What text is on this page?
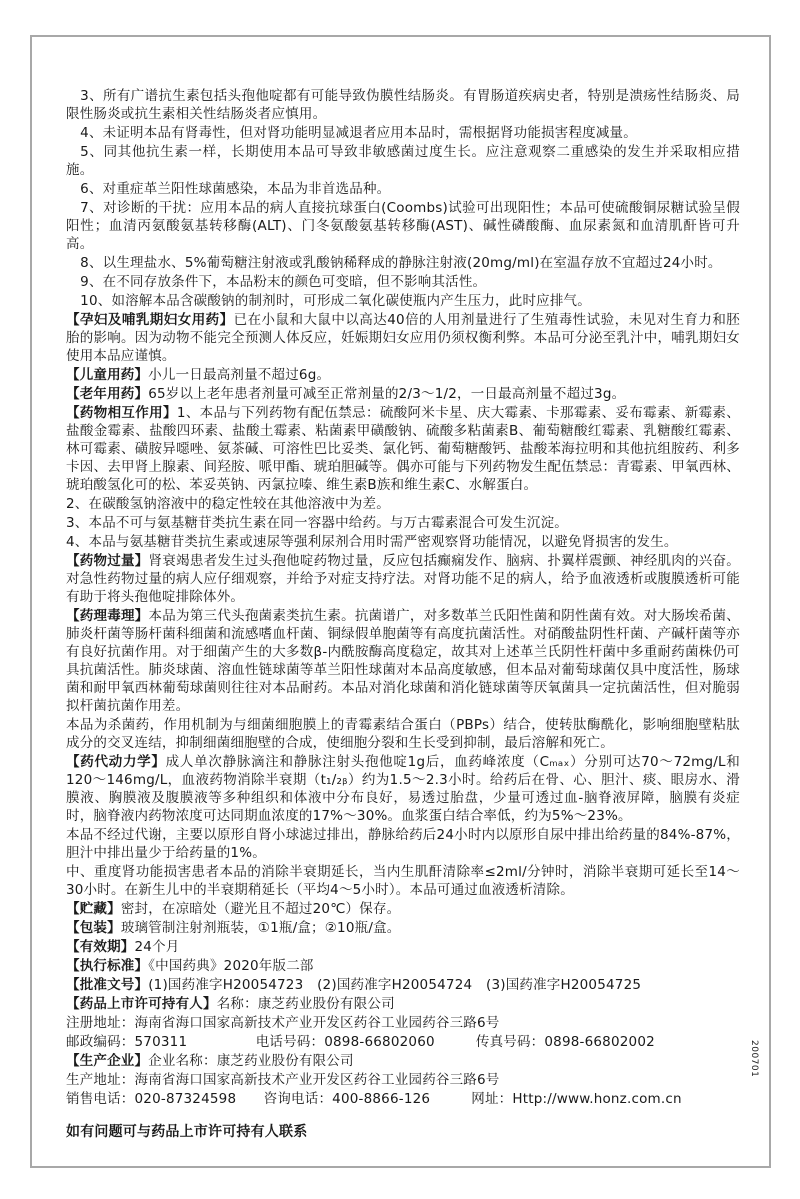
3、所有广谱抗生素包括头孢他啶都有可能导致伪膜性结肠炎。有胃肠道疾病史者，特别是溃疡性结肠炎、局限性肠炎或抗生素相关性结肠炎者应慎用。

4、未证明本品有肾毒性，但对肾功能明显减退者应用本品时，需根据肾功能损害程度减量。

5、同其他抗生素一样，长期使用本品可导致非敏感菌过度生长。应注意观察二重感染的发生并采取相应措施。

6、对重症革兰阳性球菌感染，本品为非首选品种。

7、对诊断的干扰：应用本品的病人直接抗球蛋白(Coombs)试验可出现阳性；本品可使硫酸铜尿糖试验呈假阳性；血清丙氨酸氨基转移酶(ALT)、门冬氨酸氨基转移酶(AST)、碱性磷酸酶、血尿素氮和血清肌酐皆可升高。

8、以生理盐水、5%葡萄糖注射液或乳酸钠稀释成的静脉注射液(20mg/ml)在室温存放不宜超过24小时。

9、在不同存放条件下，本品粉末的颜色可变暗，但不影响其活性。

10、如溶解本品含碳酸钠的制剂时，可形成二氧化碳使瓶内产生压力，此时应排气。

【孕妇及哺乳期妇女用药】已在小鼠和大鼠中以高达40倍的人用剂量进行了生殖毒性试验，未见对生育力和胚胎的影响。因为动物不能完全预测人体反应，妊娠期妇女应用仍须权衡利弊。本品可分泌至乳汁中，哺乳期妇女使用本品应谨慎。

【儿童用药】小儿一日最高剂量不超过6g。

【老年用药】65岁以上老年患者剂量可减至正常剂量的2/3～1/2，一日最高剂量不超过3g。

【药物相互作用】1、本品与下列药物有配伍禁忌：硫酸阿米卡星、庆大霉素、卡那霉素、妥布霉素、新霉素、盐酸金霉素、盐酸四环素、盐酸土霉素、粘菌素甲磺酸钠、硫酸多粘菌素B、葡萄糖酸红霉素、乳糖酸红霉素、林可霉素、磺胺异噁唑、氨茶碱、可溶性巴比妥类、氯化钙、葡萄糖酸钙、盐酸苯海拉明和其他抗组胺药、利多卡因、去甲肾上腺素、间羟胺、哌甲酯、琥珀胆碱等。偶亦可能与下列药物发生配伍禁忌：青霉素、甲氧西林、琥珀酸氢化可的松、苯妥英钠、丙氯拉嗪、维生素B族和维生素C、水解蛋白。

2、在碳酸氢钠溶液中的稳定性较在其他溶液中为差。

3、本品不可与氨基糖苷类抗生素在同一容器中给药。与万古霉素混合可发生沉淀。

4、本品与氨基糖苷类抗生素或速尿等强利尿剂合用时需严密观察肾功能情况，以避免肾损害的发生。

【药物过量】肾衰竭患者发生过头孢他啶药物过量，反应包括癫痫发作、脑病、扑翼样震颤、神经肌肉的兴奋。对急性药物过量的病人应仔细观察，并给予对症支持疗法。对肾功能不足的病人，给予血液透析或腹膜透析可能有助于将头孢他啶排除体外。

【药理毒理】本品为第三代头孢菌素类抗生素。抗菌谱广，对多数革兰氏阳性菌和阴性菌有效。对大肠埃希菌、肺炎杆菌等肠杆菌科细菌和流感嗜血杆菌、铜绿假单胞菌等有高度抗菌活性。对硝酸盐阴性杆菌、产碱杆菌等亦有良好抗菌作用。对于细菌产生的大多数β-内酰胺酶高度稳定，故其对上述革兰氏阴性杆菌中多重耐药菌株仍可具抗菌活性。肺炎球菌、溶血性链球菌等革兰阳性球菌对本品高度敏感，但本品对葡萄球菌仅具中度活性，肠球菌和耐甲氧西林葡萄球菌则往往对本品耐药。本品对消化球菌和消化链球菌等厌氧菌具一定抗菌活性，但对脆弱拟杆菌抗菌作用差。

本品为杀菌药，作用机制为与细菌细胞膜上的青霉素结合蛋白（PBPs）结合，使转肽酶酰化，影响细胞壁粘肽成分的交叉连结，抑制细菌细胞壁的合成，使细胞分裂和生长受到抑制，最后溶解和死亡。

【药代动力学】成人单次静脉滴注和静脉注射头孢他啶1g后，血药峰浓度（Cₘₐₓ）分别可达70～72mg/L和120～146mg/L，血液药物消除半衰期（t₁/₂ᵦ）约为1.5～2.3小时。给药后在骨、心、胆汁、痰、眼房水、滑膜液、胸膜液及腹膜液等多种组织和体液中分布良好，易透过胎盘，少量可透过血-脑脊液屏障，脑膜有炎症时，脑脊液内药物浓度可达同期血浓度的17%～30%。血浆蛋白结合率低，约为5%～23%。

本品不经过代谢，主要以原形自肾小球滤过排出，静脉给药后24小时内以原形自尿中排出给药量的84%-87%，胆汁中排出量少于给药量的1%。

中、重度肾功能损害患者本品的消除半衰期延长，当内生肌酐清除率≤2ml/分钟时，消除半衰期可延长至14～30小时。在新生儿中的半衰期稍延长（平均4～5小时）。本品可通过血液透析清除。

【贮藏】密封，在凉暗处（避光且不超过20℃）保存。

【包装】玻璃管制注射剂瓶装，①1瓶/盒；②10瓶/盒。

【有效期】24个月

【执行标准】《中国药典》2020年版二部

【批准文号】(1)国药准字H20054723　(2)国药准字H20054724　(3)国药准字H20054725

【药品上市许可持有人】名称：康芝药业股份有限公司

注册地址：海南省海口国家高新技术产业开发区药谷工业园药谷三路6号

邮政编码：570311　　　　　电话号码：0898-66802060　　　传真号码：0898-66802002

【生产企业】企业名称：康芝药业股份有限公司

生产地址：海南省海口国家高新技术产业开发区药谷工业园药谷三路6号

销售电话：020-87324598　　咨询电话：400-8866-126　　　网址：Http://www.honz.com.cn

如有问题可与药品上市许可持有人联系

200701
